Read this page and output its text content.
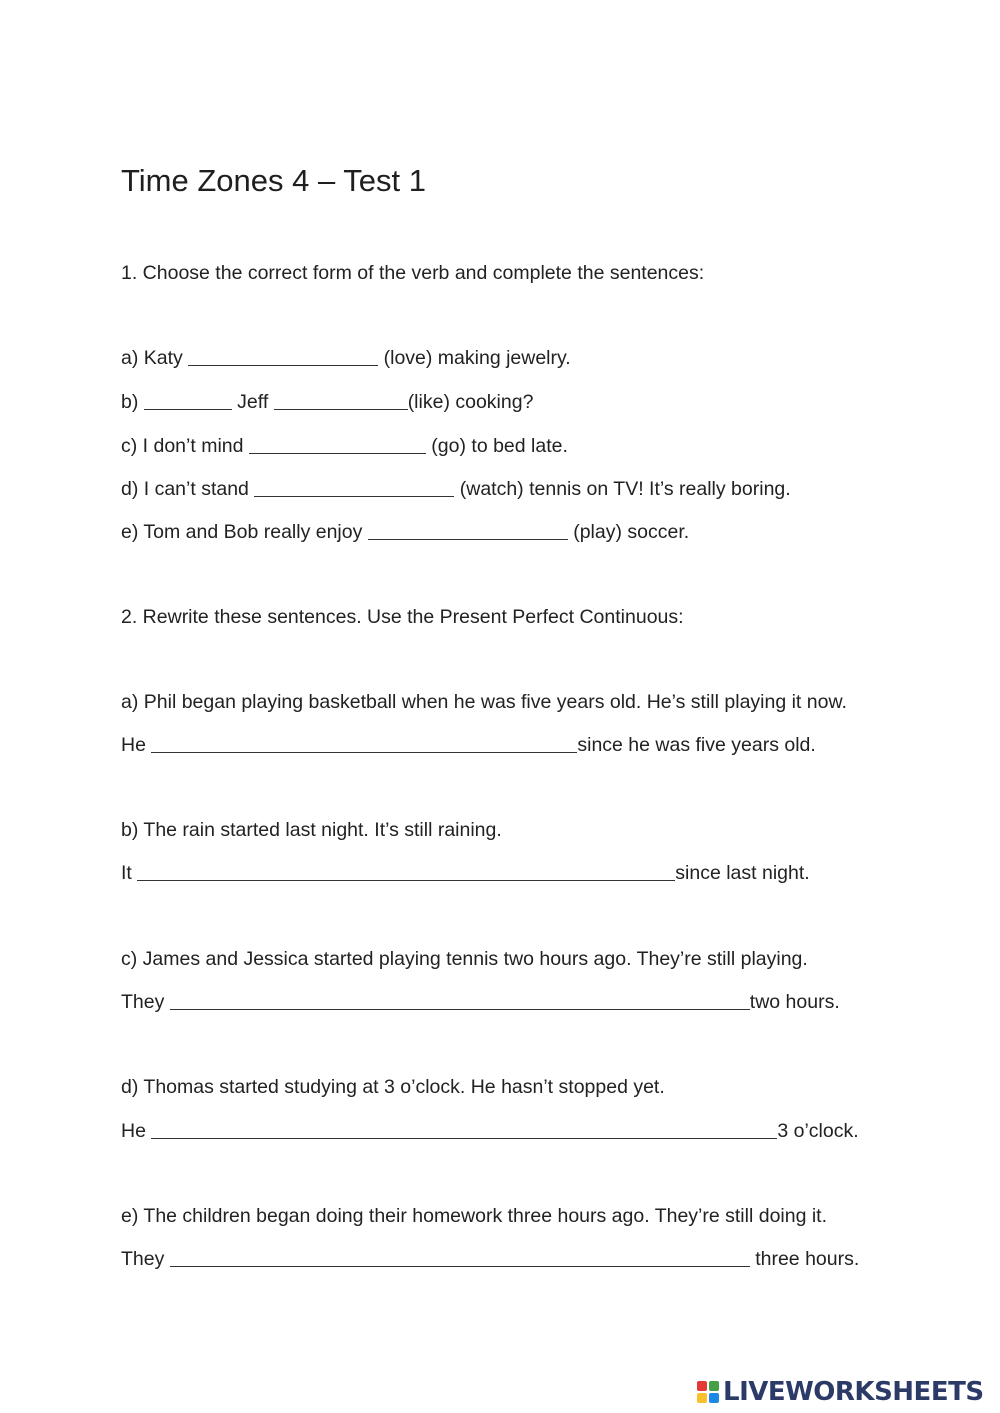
Time Zones 4 – Test 1
1. Choose the correct form of the verb and complete the sentences:
a) Katy	(love) making jewelry.
b)	Jeff	(like) cooking?
c) I don’t mind	(go) to bed late.
d) I can’t stand	(watch) tennis on TV! It’s really boring.
e) Tom and Bob really enjoy	(play) soccer.
2. Rewrite these sentences. Use the Present Perfect Continuous:
a) Phil began playing basketball when he was five years old. He’s still playing it now.
He	since he was five years old.
b) The rain started last night. It’s still raining.
It	since last night.
c) James and Jessica started playing tennis two hours ago. They’re still playing.
They	two hours.
d) Thomas started studying at 3 o’clock. He hasn’t stopped yet.
He	3 o’clock.
e) The children began doing their homework three hours ago. They’re still doing it.
They	three hours.
LIVEWORKSHEETS
